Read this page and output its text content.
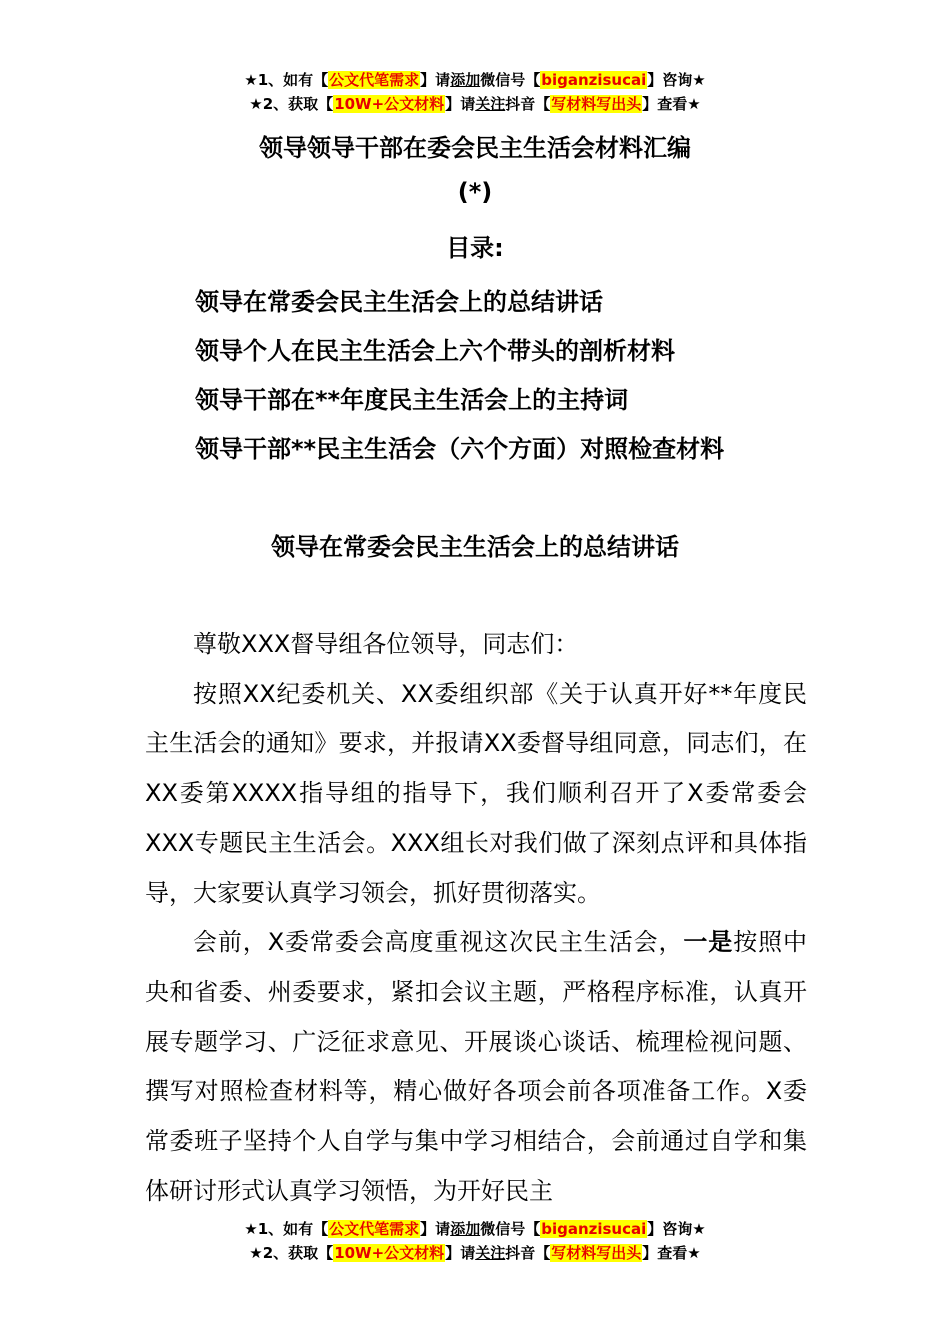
★1、如有【公文代笔需求】请添加微信号【biganzisucai】咨询★
★2、获取【10W+公文材料】请关注抖音【写材料写出头】查看★
领导领导干部在委会民主生活会材料汇编
(*)
目录:
领导在常委会民主生活会上的总结讲话
领导个人在民主生活会上六个带头的剖析材料
领导干部在**年度民主生活会上的主持词
领导干部**民主生活会（六个方面）对照检查材料
领导在常委会民主生活会上的总结讲话

尊敬XXX督导组各位领导，同志们：

按照XX纪委机关、XX委组织部《关于认真开好**年度民主生活会的通知》要求，并报请XX委督导组同意，同志们，在XX委第XXXX指导组的指导下，我们顺利召开了X委常委会XXX专题民主生活会。XXX组长对我们做了深刻点评和具体指导，大家要认真学习领会，抓好贯彻落实。

会前，X委常委会高度重视这次民主生活会，一是按照中央和省委、州委要求，紧扣会议主题，严格程序标准，认真开展专题学习、广泛征求意见、开展谈心谈话、梳理检视问题、撰写对照检查材料等，精心做好各项会前各项准备工作。X委常委班子坚持个人自学与集中学习相结合，会前通过自学和集体研讨形式认真学习领悟，为开好民主

★1、如有【公文代笔需求】请添加微信号【biganzisucai】咨询★
★2、获取【10W+公文材料】请关注抖音【写材料写出头】查看★
